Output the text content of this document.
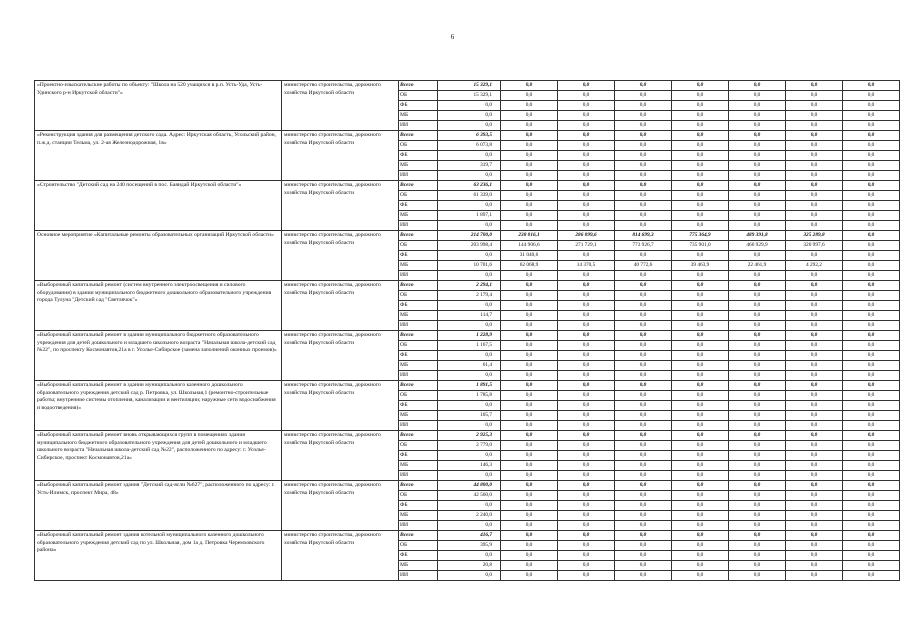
6
«Проектно-изыскательские работы по объекту: "Школа на 520 учащихся в р.п. Усть-Уда, Усть-Удинского р-н Иркутской области"»	министерство строительства, дорожного хозяйства Иркутской области	Всего	15 329,1	0,0	0,0	0,0	0,0	0,0	0,0	0,0
		ОБ	15 329,1	0,0	0,0	0,0	0,0	0,0	0,0	0,0
		ФБ	0,0	0,0	0,0	0,0	0,0	0,0	0,0	0,0
		МБ	0,0	0,0	0,0	0,0	0,0	0,0	0,0	0,0
		ИИ	0,0	0,0	0,0	0,0	0,0	0,0	0,0	0,0
«Реконструкция здания для размещения детского сада. Адрес: Иркутская область, Усольский район, п.ж.д. станции Тельма, ул. 2-ая Железнодорожная, 1в»	министерство строительства, дорожного хозяйства Иркутской области	Всего	6 393,5	0,0	0,0	0,0	0,0	0,0	0,0	0,0
		ОБ	6 073,8	0,0	0,0	0,0	0,0	0,0	0,0	0,0
		ФБ	0,0	0,0	0,0	0,0	0,0	0,0	0,0	0,0
		МБ	319,7	0,0	0,0	0,0	0,0	0,0	0,0	0,0
		ИИ	0,0	0,0	0,0	0,0	0,0	0,0	0,0	0,0
«Строительство "Детский сад на 240 посещений в пос. Баяндай Иркутской области"»	министерство строительства, дорожного хозяйства Иркутской области	Всего	63 236,1	0,0	0,0	0,0	0,0	0,0	0,0	0,0
		ОБ	61 339,0	0,0	0,0	0,0	0,0	0,0	0,0	0,0
		ФБ	0,0	0,0	0,0	0,0	0,0	0,0	0,0	0,0
		МБ	1 897,1	0,0	0,0	0,0	0,0	0,0	0,0	0,0
		ИИ	0,0	0,0	0,0	0,0	0,0	0,0	0,0	0,0
Основное мероприятие «Капитальные ремонты образовательных организаций Иркутской области»	министерство строительства, дорожного хозяйства Иркутской области	Всего	214 700,0	238 016,1	286 099,6	814 699,3	775 364,9	489 391,8	325 289,8	0,0
		ОБ	203 998,4	144 906,6	271 729,1	773 926,7	735 901,0	466 929,9	320 997,6	0,0
		ФБ	0,0	31 040,6	0,0	0,0	0,0	0,0	0,0	0,0
		МБ	10 701,6	62 068,9	14 370,5	40 772,6	39 463,9	22 461,9	4 292,2	0,0
		ИИ	0,0	0,0	0,0	0,0	0,0	0,0	0,0	0,0
«Выборочный капитальный ремонт (систем внутреннего электроосвещения и силового оборудования) в здании муниципального бюджетного дошкольного образовательного учреждения города Тулуна "Детский сад "Светлячок"»	министерство строительства, дорожного хозяйства Иркутской области	Всего	2 294,1	0,0	0,0	0,0	0,0	0,0	0,0	0,0
		ОБ	2 179,4	0,0	0,0	0,0	0,0	0,0	0,0	0,0
		ФБ	0,0	0,0	0,0	0,0	0,0	0,0	0,0	0,0
		МБ	114,7	0,0	0,0	0,0	0,0	0,0	0,0	0,0
		ИИ	0,0	0,0	0,0	0,0	0,0	0,0	0,0	0,0
«Выборочный капитальный ремонт в здании муниципального бюджетного образовательного учреждения для детей дошкольного и младшего школьного возраста "Начальная школа-детский сад №22", по проспекту Космонавтов,21а в г. Усолье-Сибирское (замена заполнений оконных проемов)»	министерство строительства, дорожного хозяйства Иркутской области	Всего	1 228,9	0,0	0,0	0,0	0,0	0,0	0,0	0,0
		ОБ	1 167,5	0,0	0,0	0,0	0,0	0,0	0,0	0,0
		ФБ	0,0	0,0	0,0	0,0	0,0	0,0	0,0	0,0
		МБ	61,4	0,0	0,0	0,0	0,0	0,0	0,0	0,0
		ИИ	0,0	0,0	0,0	0,0	0,0	0,0	0,0	0,0
«Выборочный капитальный ремонт в здании муниципального казенного дошкольного образовательного учреждения детский сад р. Петровка, ул. Школьная,1 (ремонтно-строительные работы; внутренние системы отопления, канализации и вентиляции; наружные сети водоснабжения и водоотведения)»	министерство строительства, дорожного хозяйства Иркутской области	Всего	1 891,5	0,0	0,0	0,0	0,0	0,0	0,0	0,0
		ОБ	1 785,8	0,0	0,0	0,0	0,0	0,0	0,0	0,0
		ФБ	0,0	0,0	0,0	0,0	0,0	0,0	0,0	0,0
		МБ	105,7	0,0	0,0	0,0	0,0	0,0	0,0	0,0
		ИИ	0,0	0,0	0,0	0,0	0,0	0,0	0,0	0,0
«Выборочный капитальный ремонт вновь открывающихся групп в помещениях здания муниципального бюджетного образовательного учреждения для детей дошкольного и младшего школьного возраста "Начальная школа-детский сад №22", расположенного по адресу: г. Усолье-Сибирское, проспект Космонавтов,21а»	министерство строительства, дорожного хозяйства Иркутской области	Всего	2 925,3	0,0	0,0	0,0	0,0	0,0	0,0	0,0
		ОБ	2 779,0	0,0	0,0	0,0	0,0	0,0	0,0	0,0
		ФБ	0,0	0,0	0,0	0,0	0,0	0,0	0,0	0,0
		МБ	146,3	0,0	0,0	0,0	0,0	0,0	0,0	0,0
		ИИ	0,0	0,0	0,0	0,0	0,0	0,0	0,0	0,0
«Выборочный капитальный ремонт здания "Детский сад-ясли №627", расположенного по адресу: г. Усть-Илимск, проспект Мира, 48»	министерство строительства, дорожного хозяйства Иркутской области	Всего	44 800,0	0,0	0,0	0,0	0,0	0,0	0,0	0,0
		ОБ	42 560,0	0,0	0,0	0,0	0,0	0,0	0,0	0,0
		ФБ	0,0	0,0	0,0	0,0	0,0	0,0	0,0	0,0
		МБ	2 240,0	0,0	0,0	0,0	0,0	0,0	0,0	0,0
		ИИ	0,0	0,0	0,0	0,0	0,0	0,0	0,0	0,0
«Выборочный капитальный ремонт здания котельной муниципального казенного дошкольного образовательного учреждения детский сад по ул. Школьная, дом 1а д. Петровка Черемховского района»	министерство строительства, дорожного хозяйства Иркутской области	Всего	416,7	0,0	0,0	0,0	0,0	0,0	0,0	0,0
		ОБ	395,9	0,0	0,0	0,0	0,0	0,0	0,0	0,0
		ФБ	0,0	0,0	0,0	0,0	0,0	0,0	0,0	0,0
		МБ	20,8	0,0	0,0	0,0	0,0	0,0	0,0	0,0
		ИИ	0,0	0,0	0,0	0,0	0,0	0,0	0,0	0,0
